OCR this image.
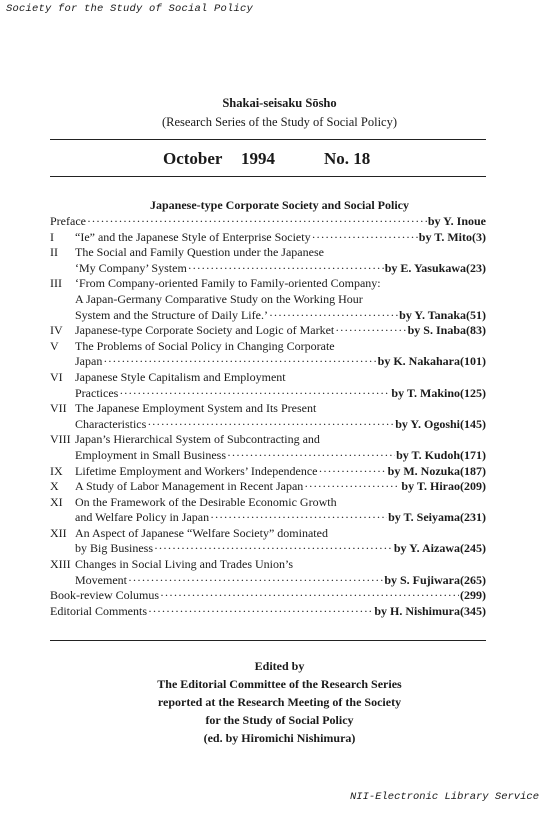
Society for the Study of Social Policy
Shakai-seisaku Sōsho
(Research Series of the Study of Social Policy)
October 1994	No. 18
Japanese-type Corporate Society and Social Policy
Preface ·····	by Y. Inoue
I	“Ie” and the Japanese Style of Enterprise Society ·····	by T. Mito (3)
II	The Social and Family Question under the Japanese
‘My Company’ System ·····	by E. Yasukawa (23)
III	‘From Company-oriented Family to Family-oriented Company:
A Japan-Germany Comparative Study on the Working Hour
System and the Structure of Daily Life.’ ·····	by Y. Tanaka (51)
IV	Japanese-type Corporate Society and Logic of Market ·····	by S. Inaba (83)
V	The Problems of Social Policy in Changing Corporate
Japan ·····	by K. Nakahara (101)
VI	Japanese Style Capitalism and Employment
Practices ·····	by T. Makino (125)
VII The Japanese Employment System and Its Present
Characteristics ·····	by Y. Ogoshi (145)
VIII Japan’s Hierarchical System of Subcontracting and
Employment in Small Business ·····	by T. Kudoh (171)
IX	Lifetime Employment and Workers’ Independence ·····	by M. Nozuka (187)
X	A Study of Labor Management in Recent Japan ·····	by T. Hirao (209)
XI	On the Framework of the Desirable Economic Growth
and Welfare Policy in Japan ·····	by T. Seiyama (231)
XII An Aspect of Japanese “Welfare Society” dominated
by Big Business ·····	by Y. Aizawa (245)
XIII Changes in Social Living and Trades Union’s
Movement ·····	by S. Fujiwara (265)
Book-review Columus ·····	(299)
Editorial Comments ·····	by H. Nishimura (345)
Edited by
The Editorial Committee of the Research Series
reported at the Research Meeting of the Society
for the Study of Social Policy
(ed. by Hiromichi Nishimura)
NII-Electronic Library Service
